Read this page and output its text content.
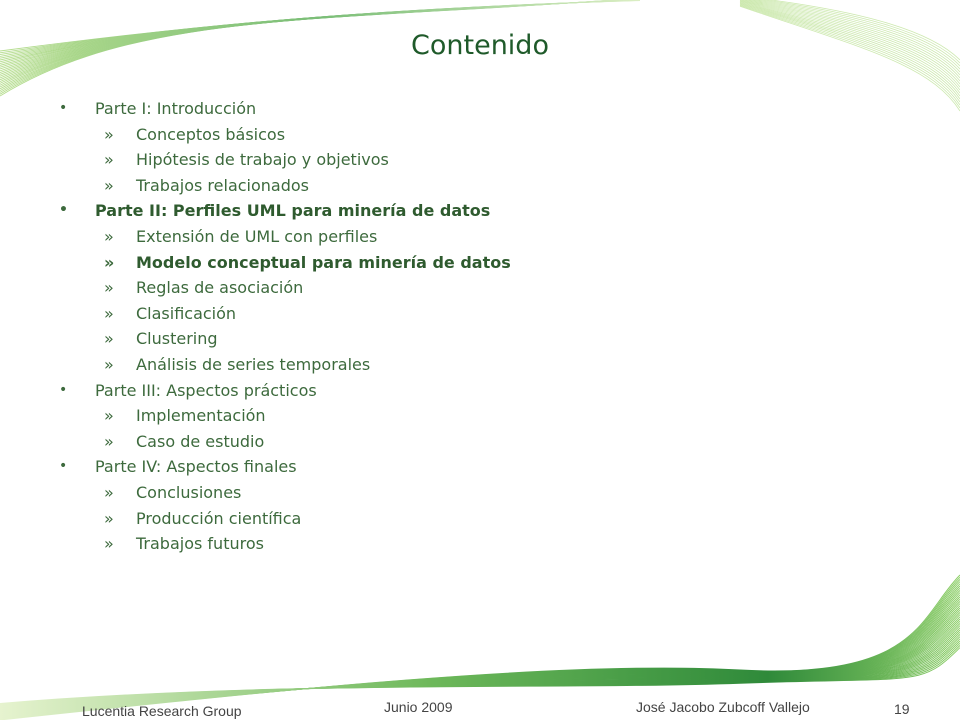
Contenido
• Parte I: Introducción
» Conceptos básicos
» Hipótesis de trabajo y objetivos
» Trabajos relacionados
• Parte II: Perfiles UML para minería de datos
» Extensión de UML con perfiles
» Modelo conceptual para minería de datos
» Reglas de asociación
» Clasificación
» Clustering
» Análisis de series temporales
• Parte III: Aspectos prácticos
» Implementación
» Caso de estudio
• Parte IV: Aspectos finales
» Conclusiones
» Producción científica
» Trabajos futuros
Lucentia Research Group	Junio 2009	José Jacobo Zubcoff Vallejo	19
